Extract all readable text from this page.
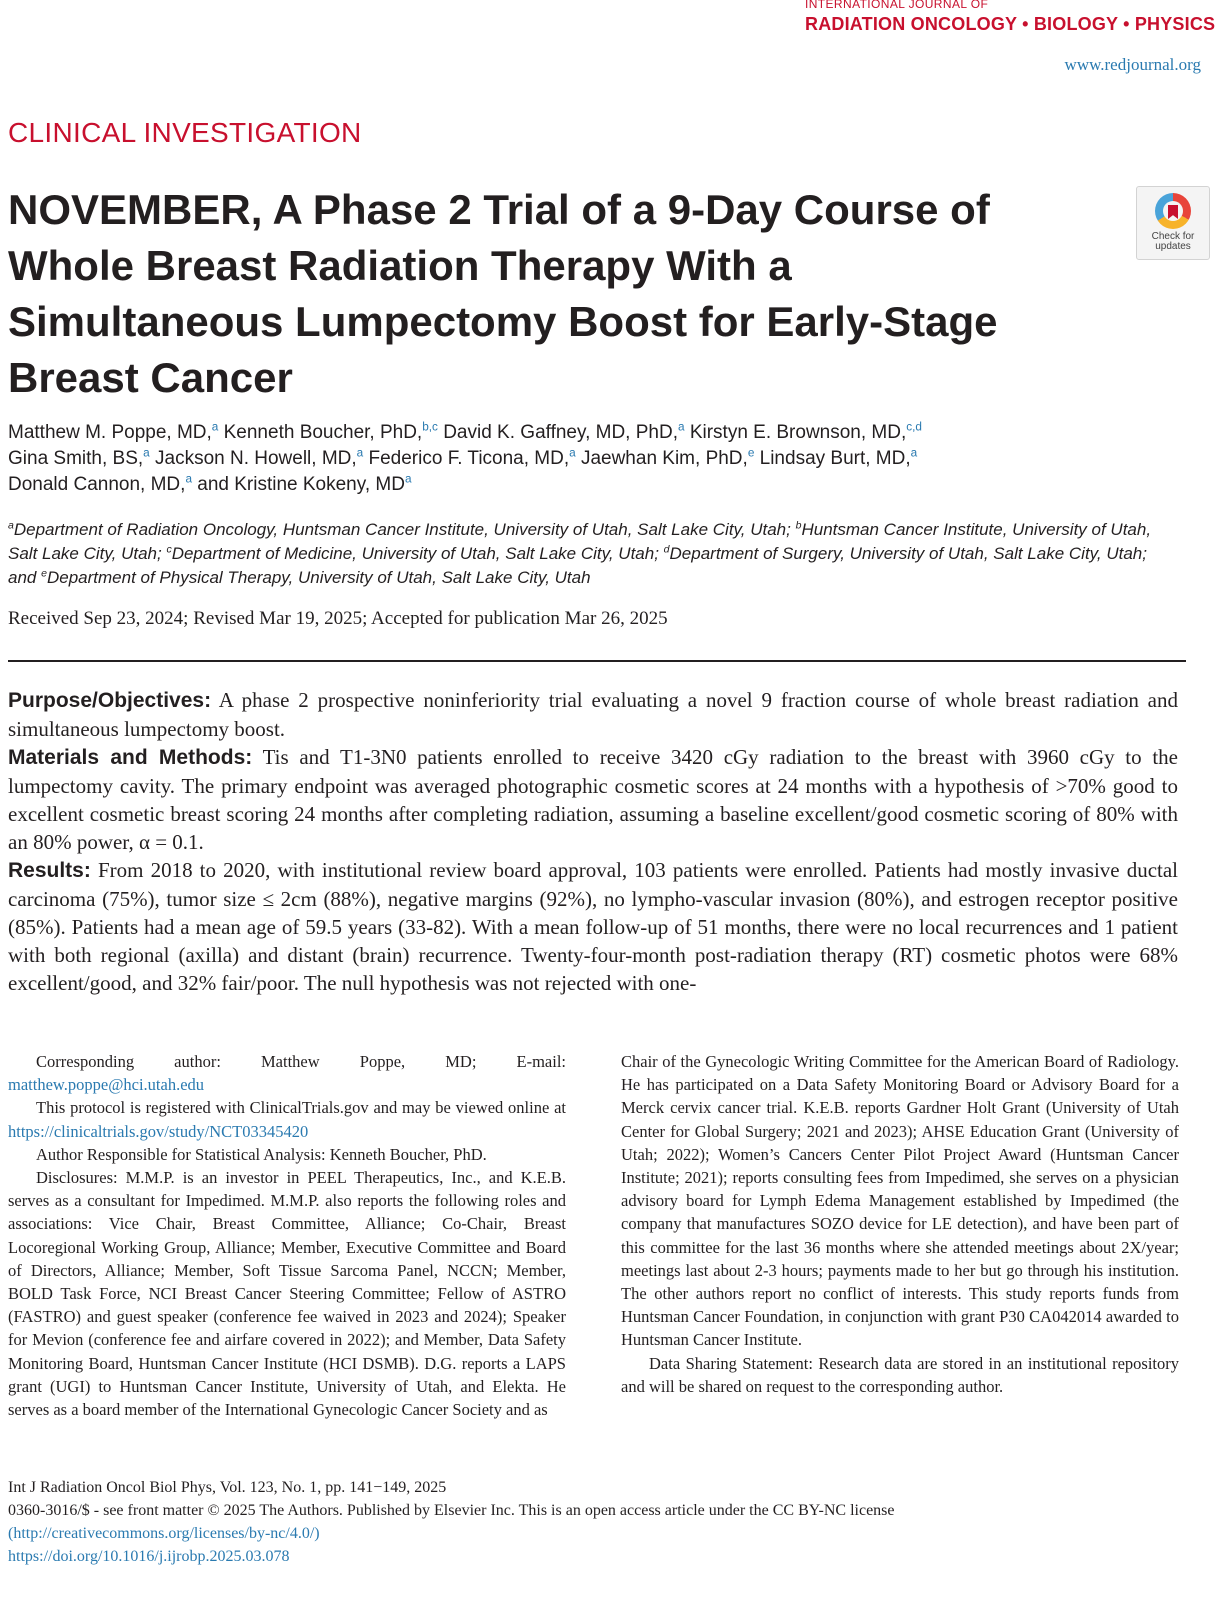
INTERNATIONAL JOURNAL OF
RADIATION ONCOLOGY • BIOLOGY • PHYSICS
www.redjournal.org
CLINICAL INVESTIGATION
NOVEMBER, A Phase 2 Trial of a 9-Day Course of Whole Breast Radiation Therapy With a Simultaneous Lumpectomy Boost for Early-Stage Breast Cancer
Check for
updates
Matthew M. Poppe, MD,$^a$ Kenneth Boucher, PhD,$^{b,c}$ David K. Gaffney, MD, PhD,$^a$ Kirstyn E. Brownson, MD,$^{c,d}$
Gina Smith, BS,$^a$ Jackson N. Howell, MD,$^a$ Federico F. Ticona, MD,$^a$ Jaewhan Kim, PhD,$^e$ Lindsay Burt, MD,$^a$
Donald Cannon, MD,$^a$ and Kristine Kokeny, $MD^a$
$^a$Department of Radiation Oncology, Huntsman Cancer Institute, University of Utah, Salt Lake City, Utah; $^b$Huntsman Cancer Institute, University of Utah, Salt Lake City, Utah; $^c$Department of Medicine, University of Utah, Salt Lake City, Utah; $^d$Department of Surgery, University of Utah, Salt Lake City, Utah; and $^e$Department of Physical Therapy, University of Utah, Salt Lake City, Utah
Received Sep 23, 2024; Revised Mar 19, 2025; Accepted for publication Mar 26, 2025
Purpose/Objectives: A phase 2 prospective noninferiority trial evaluating a novel 9 fraction course of whole breast radiation and simultaneous lumpectomy boost.
Materials and Methods: Tis and T1-3N0 patients enrolled to receive 3420 cGy radiation to the breast with 3960 cGy to the lumpectomy cavity. The primary endpoint was averaged photographic cosmetic scores at 24 months with a hypothesis of >70% good to excellent cosmetic breast scoring 24 months after completing radiation, assuming a baseline excellent/good cosmetic scoring of 80% with an 80% power, α = 0.1.
Results: From 2018 to 2020, with institutional review board approval, 103 patients were enrolled. Patients had mostly invasive ductal carcinoma (75%), tumor size ≤ 2cm (88%), negative margins (92%), no lympho-vascular invasion (80%), and estrogen receptor positive (85%). Patients had a mean age of 59.5 years (33-82). With a mean follow-up of 51 months, there were no local recurrences and 1 patient with both regional (axilla) and distant (brain) recurrence. Twenty-four-month post-radiation therapy (RT) cosmetic photos were 68% excellent/good, and 32% fair/poor. The null hypothesis was not rejected with one-

Corresponding author: Matthew Poppe, MD; E-mail: matthew.poppe@hci.utah.edu

This protocol is registered with ClinicalTrials.gov and may be viewed online at https://clinicaltrials.gov/study/NCT03345420

Author Responsible for Statistical Analysis: Kenneth Boucher, PhD.

Disclosures: M.M.P. is an investor in PEEL Therapeutics, Inc., and K.E.B. serves as a consultant for Impedimed. M.M.P. also reports the following roles and associations: Vice Chair, Breast Committee, Alliance; Co-Chair, Breast Locoregional Working Group, Alliance; Member, Executive Committee and Board of Directors, Alliance; Member, Soft Tissue Sarcoma Panel, NCCN; Member, BOLD Task Force, NCI Breast Cancer Steering Committee; Fellow of ASTRO (FASTRO) and guest speaker (conference fee waived in 2023 and 2024); Speaker for Mevion (conference fee and airfare covered in 2022); and Member, Data Safety Monitoring Board, Huntsman Cancer Institute (HCI DSMB). D.G. reports a LAPS grant (UGI) to Huntsman Cancer Institute, University of Utah, and Elekta. He serves as a board member of the International Gynecologic Cancer Society and as

Chair of the Gynecologic Writing Committee for the American Board of Radiology. He has participated on a Data Safety Monitoring Board or Advisory Board for a Merck cervix cancer trial. K.E.B. reports Gardner Holt Grant (University of Utah Center for Global Surgery; 2021 and 2023); AHSE Education Grant (University of Utah; 2022); Women’s Cancers Center Pilot Project Award (Huntsman Cancer Institute; 2021); reports consulting fees from Impedimed, she serves on a physician advisory board for Lymph Edema Management established by Impedimed (the company that manufactures SOZO device for LE detection), and have been part of this committee for the last 36 months where she attended meetings about 2X/year; meetings last about 2-3 hours; payments made to her but go through his institution. The other authors report no conflict of interests. This study reports funds from Huntsman Cancer Foundation, in conjunction with grant P30 CA042014 awarded to Huntsman Cancer Institute.

Data Sharing Statement: Research data are stored in an institutional repository and will be shared on request to the corresponding author.

Int J Radiation Oncol Biol Phys, Vol. 123, No. 1, pp. 141−149, 2025
0360-3016/$ - see front matter © 2025 The Authors. Published by Elsevier Inc. This is an open access article under the CC BY-NC license
(http://creativecommons.org/licenses/by-nc/4.0/)
https://doi.org/10.1016/j.ijrobp.2025.03.078
